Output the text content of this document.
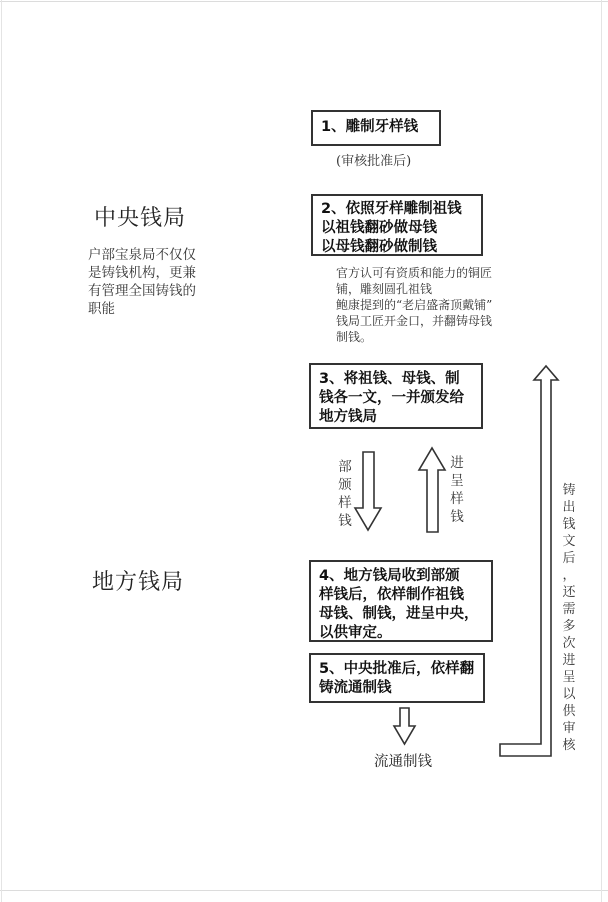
中央钱局
户部宝泉局不仅仅
是铸钱机构，更兼
有管理全国铸钱的
职能
地方钱局
1、雕制牙样钱
(审核批准后)
2、依照牙样雕制祖钱
以祖钱翻砂做母钱
以母钱翻砂做制钱
官方认可有资质和能力的铜匠
铺，雕刻圆孔祖钱
鲍康提到的“老启盛斋顶戴铺”
钱局工匠开金口，并翻铸母钱
制钱。
3、将祖钱、母钱、制
钱各一文，一并颁发给
地方钱局
4、地方钱局收到部颁
样钱后，依样制作祖钱
母钱、制钱，进呈中央，
以供审定。
5、中央批准后，依样翻
铸流通制钱
部
颁
样
钱
进
呈
样
钱
铸
出
钱
文
后
，
还
需
多
次
进
呈
以
供
审
核
流通制钱
